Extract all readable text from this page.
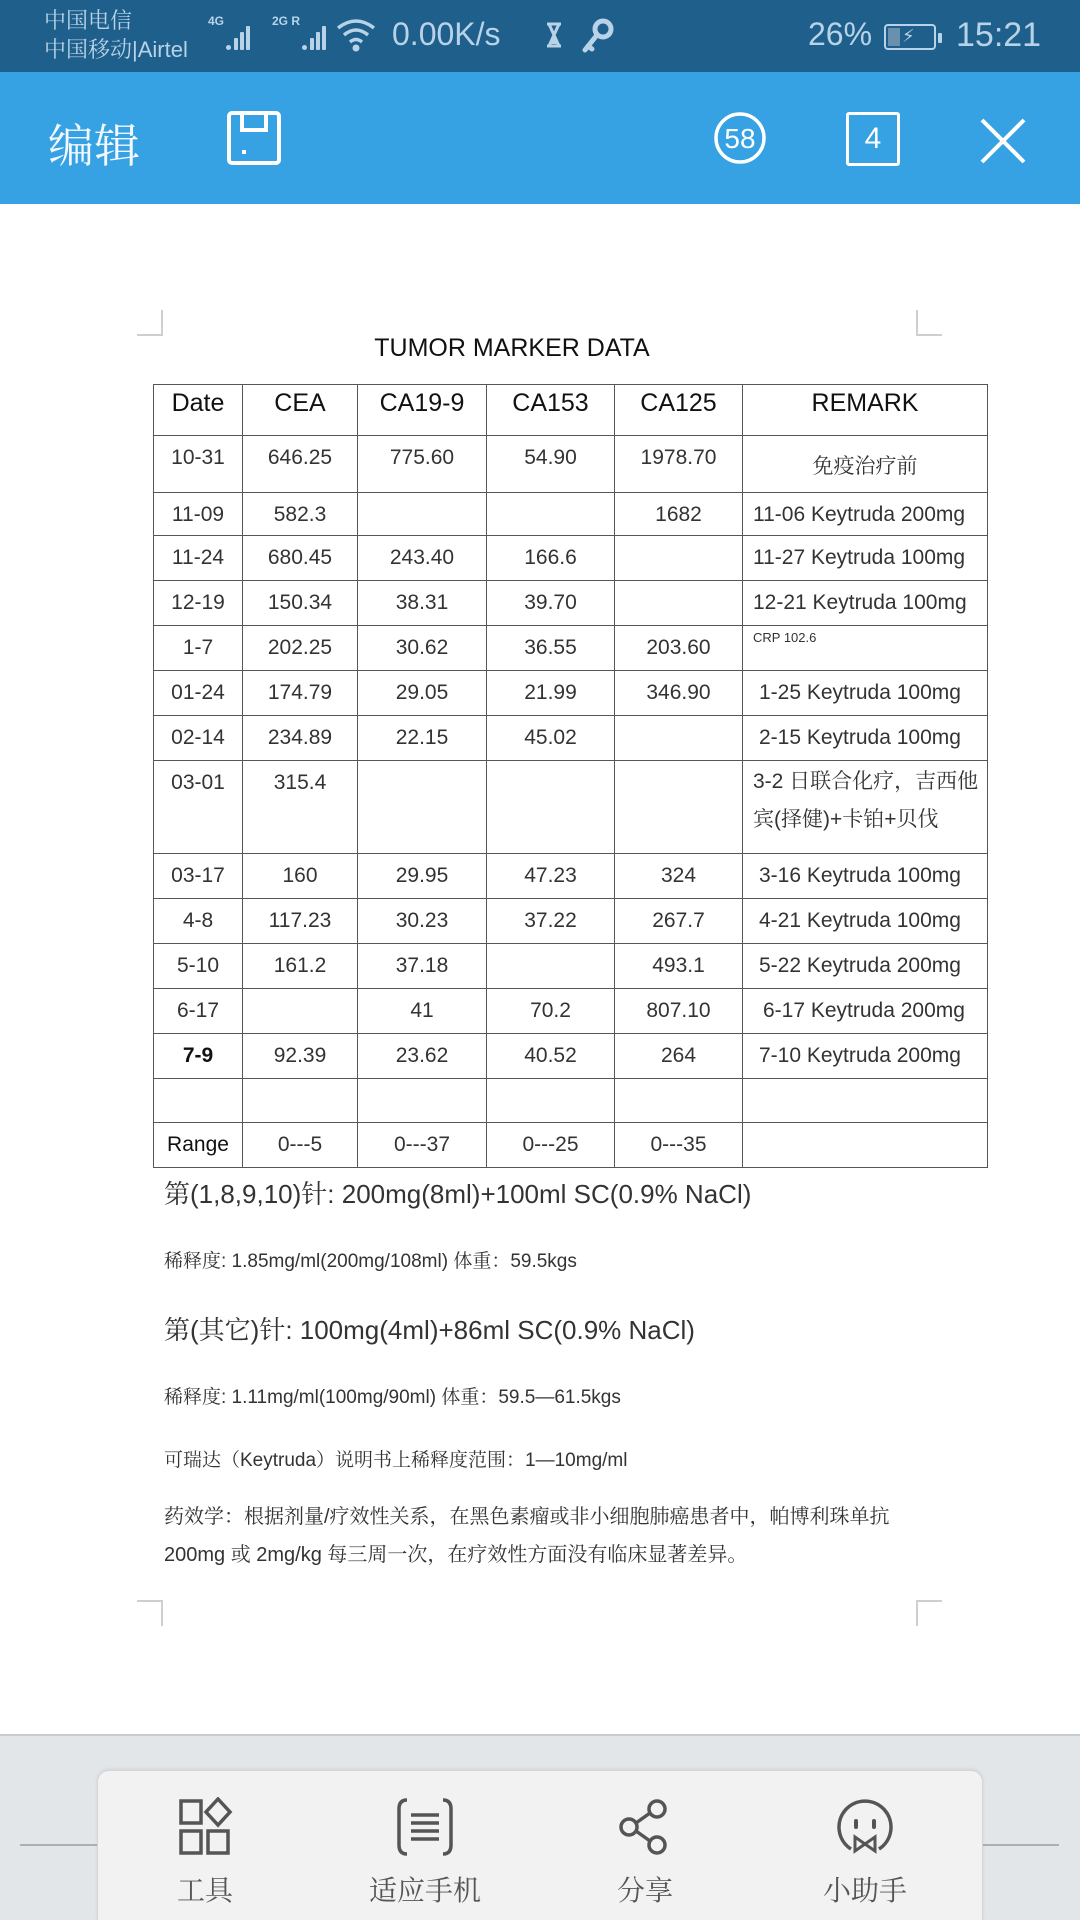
中国电信
中国移动|Airtel
4G	2G R	0.00K/s	26% ⚡ 15:21
编辑	58	4
TUMOR MARKER DATA
Date	CEA	CA19-9	CA153	CA125	REMARK
10-31	646.25	775.60	54.90	1978.70	免疫治疗前
11-09	582.3			1682	11-06 Keytruda 200mg
11-24	680.45	243.40	166.6		11-27 Keytruda 100mg
12-19	150.34	38.31	39.70		12-21 Keytruda 100mg
1-7	202.25	30.62	36.55	203.60	CRP 102.6
01-24	174.79	29.05	21.99	346.90	1-25 Keytruda 100mg
02-14	234.89	22.15	45.02		2-15 Keytruda 100mg
03-01	315.4				3-2 日联合化疗，吉西他宾(择健)+卡铂+贝伐
03-17	160	29.95	47.23	324	3-16 Keytruda 100mg
4-8	117.23	30.23	37.22	267.7	4-21 Keytruda 100mg
5-10	161.2	37.18		493.1	5-22 Keytruda 200mg
6-17		41	70.2	807.10	6-17 Keytruda 200mg
7-9	92.39	23.62	40.52	264	7-10 Keytruda 200mg

Range	0---5	0---37	0---25	0---35	
第(1,8,9,10)针: 200mg(8ml)+100ml SC(0.9% NaCl)
稀释度: 1.85mg/ml(200mg/108ml) 体重：59.5kgs
第(其它)针: 100mg(4ml)+86ml SC(0.9% NaCl)
稀释度: 1.11mg/ml(100mg/90ml) 体重：59.5—61.5kgs
可瑞达（Keytruda）说明书上稀释度范围：1—10mg/ml
药效学：根据剂量/疗效性关系，在黑色素瘤或非小细胞肺癌患者中，帕博利珠单抗 200mg 或 2mg/kg 每三周一次，在疗效性方面没有临床显著差异。
工具	适应手机	分享	小助手
